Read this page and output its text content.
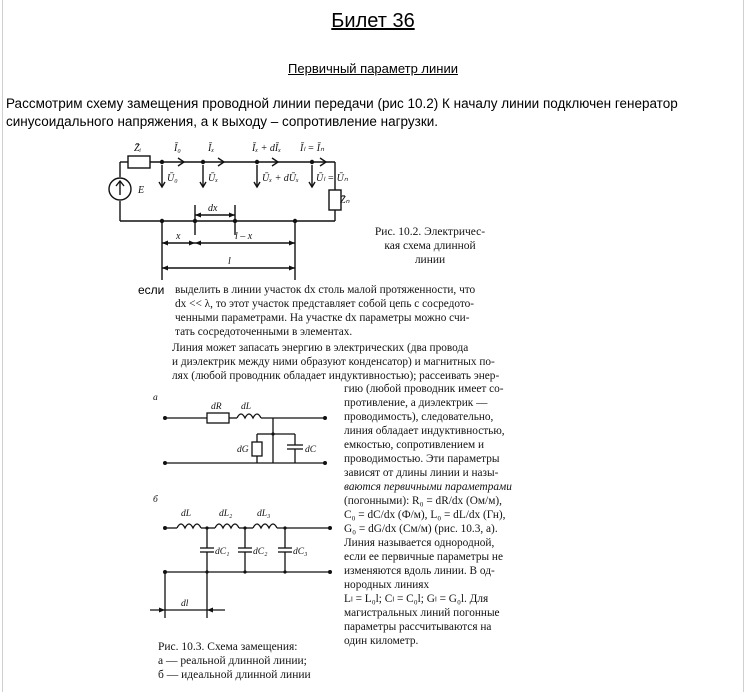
Билет 36
Первичный параметр линии
Рассмотрим схему замещения проводной линии передачи (рис 10.2) К началу линии подключен генератор синусоидального напряжения, а к выходу – сопротивление нагрузки.
Z̄ᵢ	Ī₀	Īₓ	Īₓ + dĪₓ Īₗ = Īₙ
E
Ū₀	Ūₓ	Ūₓ + dŪₓ Ūₗ = Ūₙ
Z̄ₙ
dx
x	l – x
l
Рис. 10.2. Электричес-
кая схема длинной
линии
если выделить в линии участок dx столь малой протяженности, что
dx << λ, то этот участок представляет собой цепь с сосредото-
ченными параметрами. На участке dx параметры можно счи-
тать сосредоточенными в элементах.
Линия может запасать энергию в электрических (два провода
и диэлектрик между ними образуют конденсатор) и магнитных по-
лях (любой проводник обладает индуктивностью); рассеивать энер-
гию (любой проводник имеет со-
противление, а диэлектрик —
проводимость), следовательно,
линия обладает индуктивностью,
емкостью, сопротивлением и
проводимостью. Эти параметры
зависят от длины линии и назы-
ваются первичными параметрами
(погонными): R₀ = dR/dx (Ом/м),
C₀ = dC/dx (Ф/м), L₀ = dL/dx (Гн),
G₀ = dG/dx (См/м) (рис. 10.3, а).
Линия называется однородной,
если ее первичные параметры не
изменяются вдоль линии. В од-
нородных линиях
Lₗ = L₀l; Cₗ = C₀l; Gₗ = G₀l. Для
магистральных линий погонные
параметры рассчитываются на
один километр.
а
dR dL
dG	dC
б
dL	dL₂	dL₃
dC₁ dC₂	dC₃
dl
Рис. 10.3. Схема замещения:
а — реальной длинной линии;
б — идеальной длинной линии
